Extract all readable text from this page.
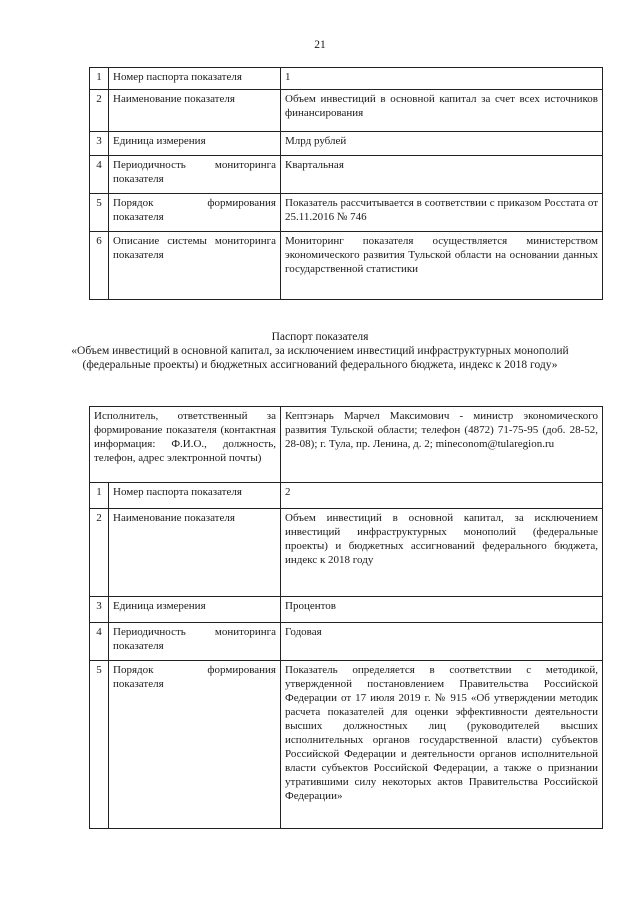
21
1	Номер паспорта показателя	1
2	Наименование показателя	Объем инвестиций в основной капитал за счет всех источников финансирования
3	Единица измерения	Млрд рублей
4	Периодичность мониторинга показателя	Квартальная
5	Порядок формирования показателя	Показатель рассчитывается в соответствии с приказом Росстата от 25.11.2016 № 746
6	Описание системы мониторинга показателя	Мониторинг показателя осуществляется министерством экономического развития Тульской области на основании данных государственной статистики
Паспорт показателя
«Объем инвестиций в основной капитал, за исключением инвестиций инфраструктурных монополий (федеральные проекты) и бюджетных ассигнований федерального бюджета, индекс к 2018 году»
Исполнитель, ответственный за формирование показателя (контактная информация: Ф.И.О., должность, телефон, адрес электронной почты)		Кептэнарь Марчел Максимович - министр экономического развития Тульской области; телефон (4872) 71-75-95 (доб. 28-52, 28-08); г. Тула, пр. Ленина, д. 2; mineconom@tularegion.ru
1	Номер паспорта показателя	2
2	Наименование показателя	Объем инвестиций в основной капитал, за исключением инвестиций инфраструктурных монополий (федеральные проекты) и бюджетных ассигнований федерального бюджета, индекс к 2018 году
3	Единица измерения	Процентов
4	Периодичность мониторинга показателя	Годовая
5	Порядок формирования показателя	Показатель определяется в соответствии с методикой, утвержденной постановлением Правительства Российской Федерации от 17 июля 2019 г. № 915 «Об утверждении методик расчета показателей для оценки эффективности деятельности высших должностных лиц (руководителей высших исполнительных органов государственной власти) субъектов Российской Федерации и деятельности органов исполнительной власти субъектов Российской Федерации, а также о признании утратившими силу некоторых актов Правительства Российской Федерации»
